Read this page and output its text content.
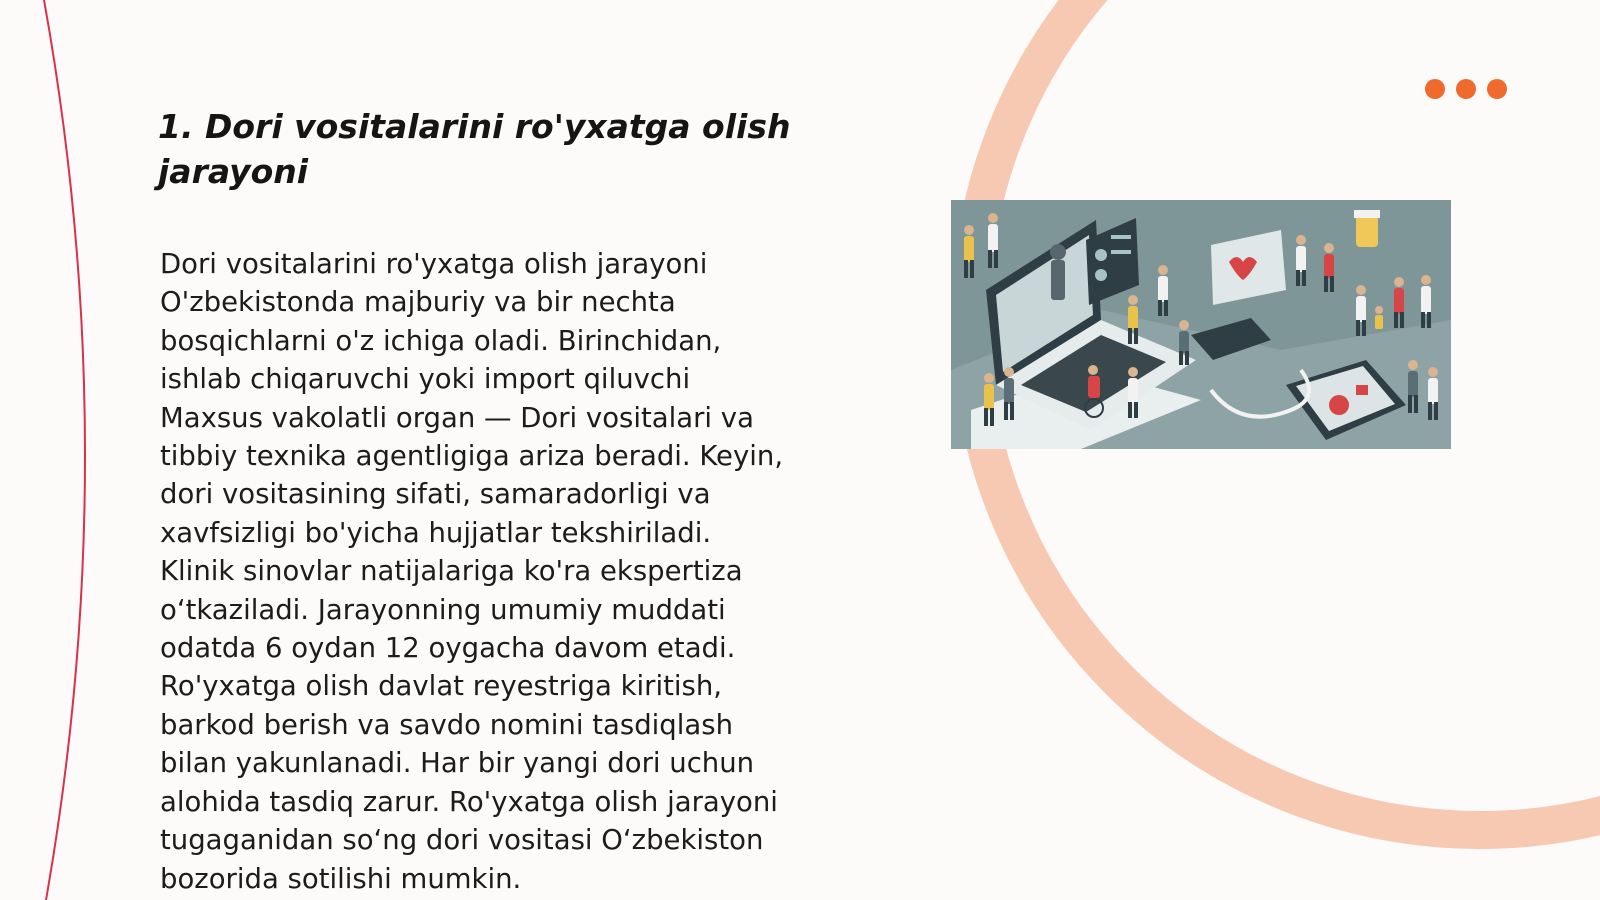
1. Dori vositalarini ro'yxatga olish
jarayoni

Dori vositalarini ro'yxatga olish jarayoni
O'zbekistonda majburiy va bir nechta
bosqichlarni o'z ichiga oladi. Birinchidan,
ishlab chiqaruvchi yoki import qiluvchi
Maxsus vakolatli organ — Dori vositalari va
tibbiy texnika agentligiga ariza beradi. Keyin,
dori vositasining sifati, samaradorligi va
xavfsizligi bo'yicha hujjatlar tekshiriladi.
Klinik sinovlar natijalariga ko'ra ekspertiza
o‘tkaziladi. Jarayonning umumiy muddati
odatda 6 oydan 12 oygacha davom etadi.
Ro'yxatga olish davlat reyestriga kiritish,
barkod berish va savdo nomini tasdiqlash
bilan yakunlanadi. Har bir yangi dori uchun
alohida tasdiq zarur. Ro'yxatga olish jarayoni
tugaganidan so‘ng dori vositasi O‘zbekiston
bozorida sotilishi mumkin.
